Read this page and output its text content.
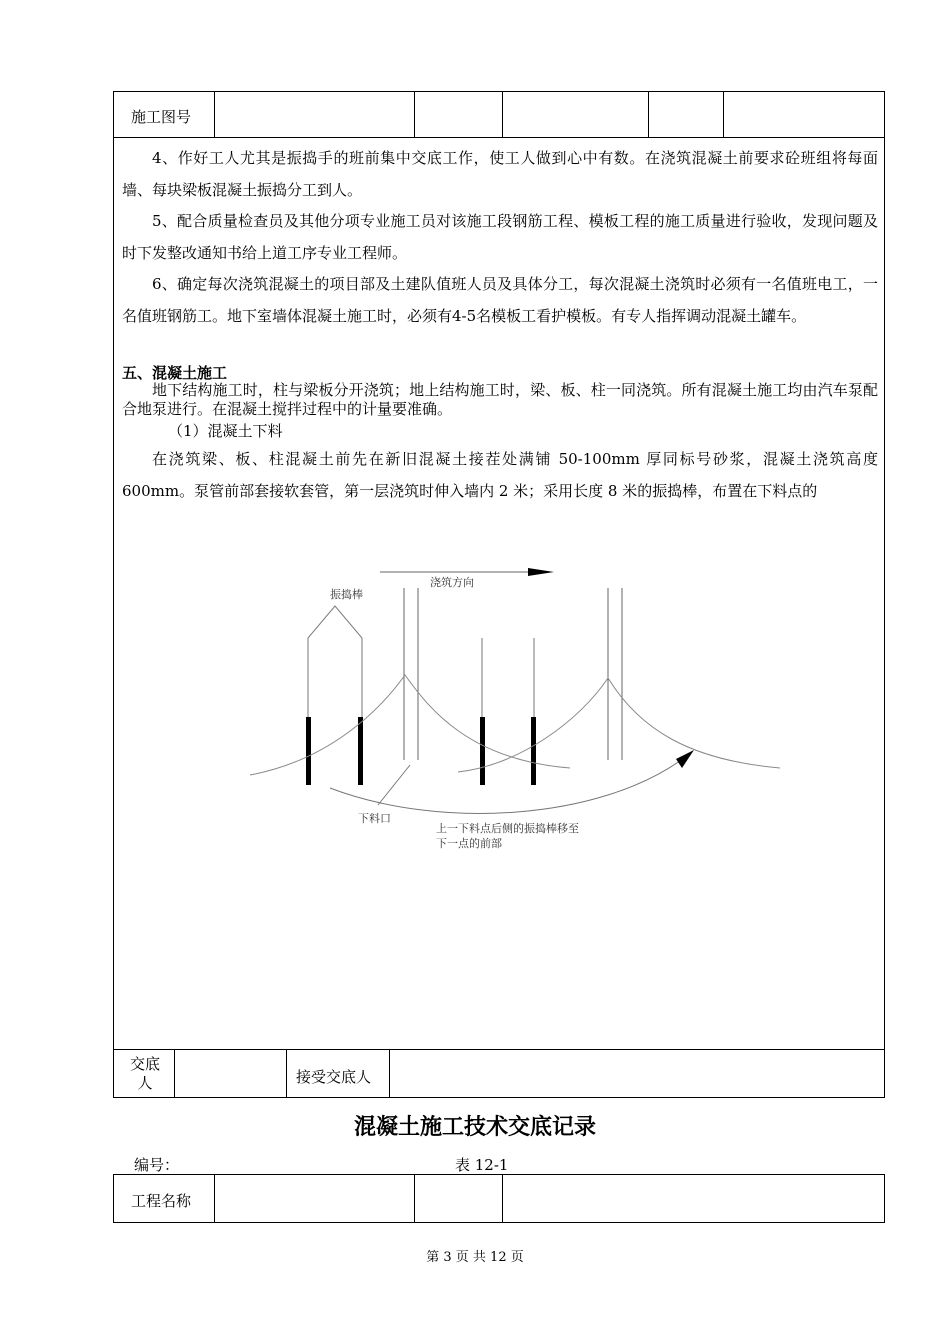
施工图号
4、作好工人尤其是振捣手的班前集中交底工作，使工人做到心中有数。在浇筑混凝土前要求砼班组将每面墙、每块梁板混凝土振捣分工到人。
5、配合质量检查员及其他分项专业施工员对该施工段钢筋工程、模板工程的施工质量进行验收，发现问题及时下发整改通知书给上道工序专业工程师。
6、确定每次浇筑混凝土的项目部及土建队值班人员及具体分工，每次混凝土浇筑时必须有一名值班电工，一名值班钢筋工。地下室墙体混凝土施工时，必须有4-5名模板工看护模板。有专人指挥调动混凝土罐车。
五、混凝土施工
地下结构施工时，柱与梁板分开浇筑；地上结构施工时，梁、板、柱一同浇筑。所有混凝土施工均由汽车泵配合地泵进行。在混凝土搅拌过程中的计量要准确。
（1）混凝土下料
在浇筑梁、板、柱混凝土前先在新旧混凝土接茬处满铺 50-100mm 厚同标号砂浆，混凝土浇筑高度 600mm。泵管前部套接软套管，第一层浇筑时伸入墙内 2 米；采用长度 8 米的振捣棒，布置在下料点的
浇筑方向
振捣棒
下料口
上一下料点后侧的振捣棒移至
下一点的前部
交底人	接受交底人
混凝土施工技术交底记录
编号：	表 12-1
工程名称
第 3 页 共 12 页
